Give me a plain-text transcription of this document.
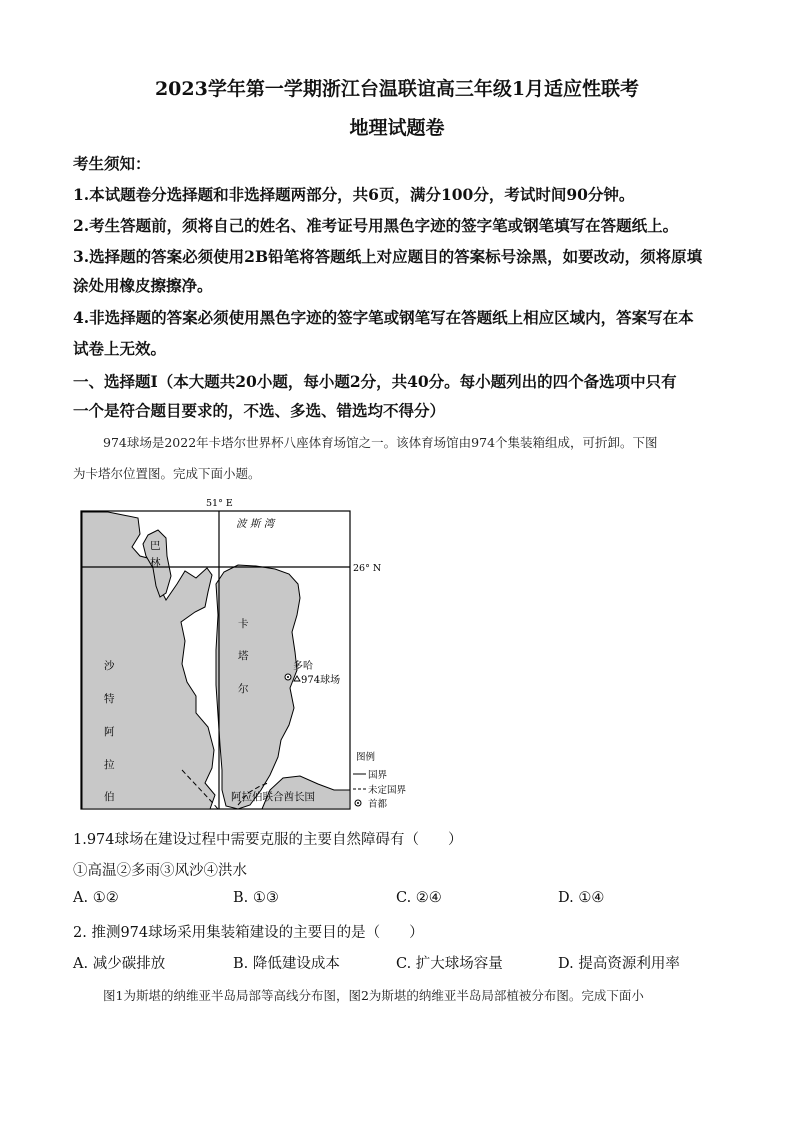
2023学年第一学期浙江台温联谊高三年级1月适应性联考
地理试题卷
考生须知：
1.本试题卷分选择题和非选择题两部分，共6页，满分100分，考试时间90分钟。
2.考生答题前，须将自己的姓名、准考证号用黑色字迹的签字笔或钢笔填写在答题纸上。
3.选择题的答案必须使用2B铅笔将答题纸上对应题目的答案标号涂黑，如要改动，须将原填
涂处用橡皮擦擦净。
4.非选择题的答案必须使用黑色字迹的签字笔或钢笔写在答题纸上相应区域内，答案写在本
试卷上无效。
一、选择题Ⅰ（本大题共20小题，每小题2分，共40分。每小题列出的四个备选项中只有
一个是符合题目要求的，不选、多选、错选均不得分）
974球场是2022年卡塔尔世界杯八座体育场馆之一。该体育场馆由974个集装箱组成，可折卸。下图
为卡塔尔位置图。完成下面小题。
51° E
26° N
波 斯 湾
巴
林
卡
塔
尔
沙
特
阿
拉
伯	阿拉伯联合酋长国
多哈
974球场
图例
国界
未定国界
首都
1.974球场在建设过程中需要克服的主要自然障碍有（　　）
①高温②多雨③风沙④洪水
A. ①②	B. ①③	C. ②④	D. ①④
2. 推测974球场采用集装箱建设的主要目的是（　　）
A. 减少碳排放	B. 降低建设成本	C. 扩大球场容量	D. 提高资源利用率
图1为斯堪的纳维亚半岛局部等高线分布图，图2为斯堪的纳维亚半岛局部植被分布图。完成下面小
